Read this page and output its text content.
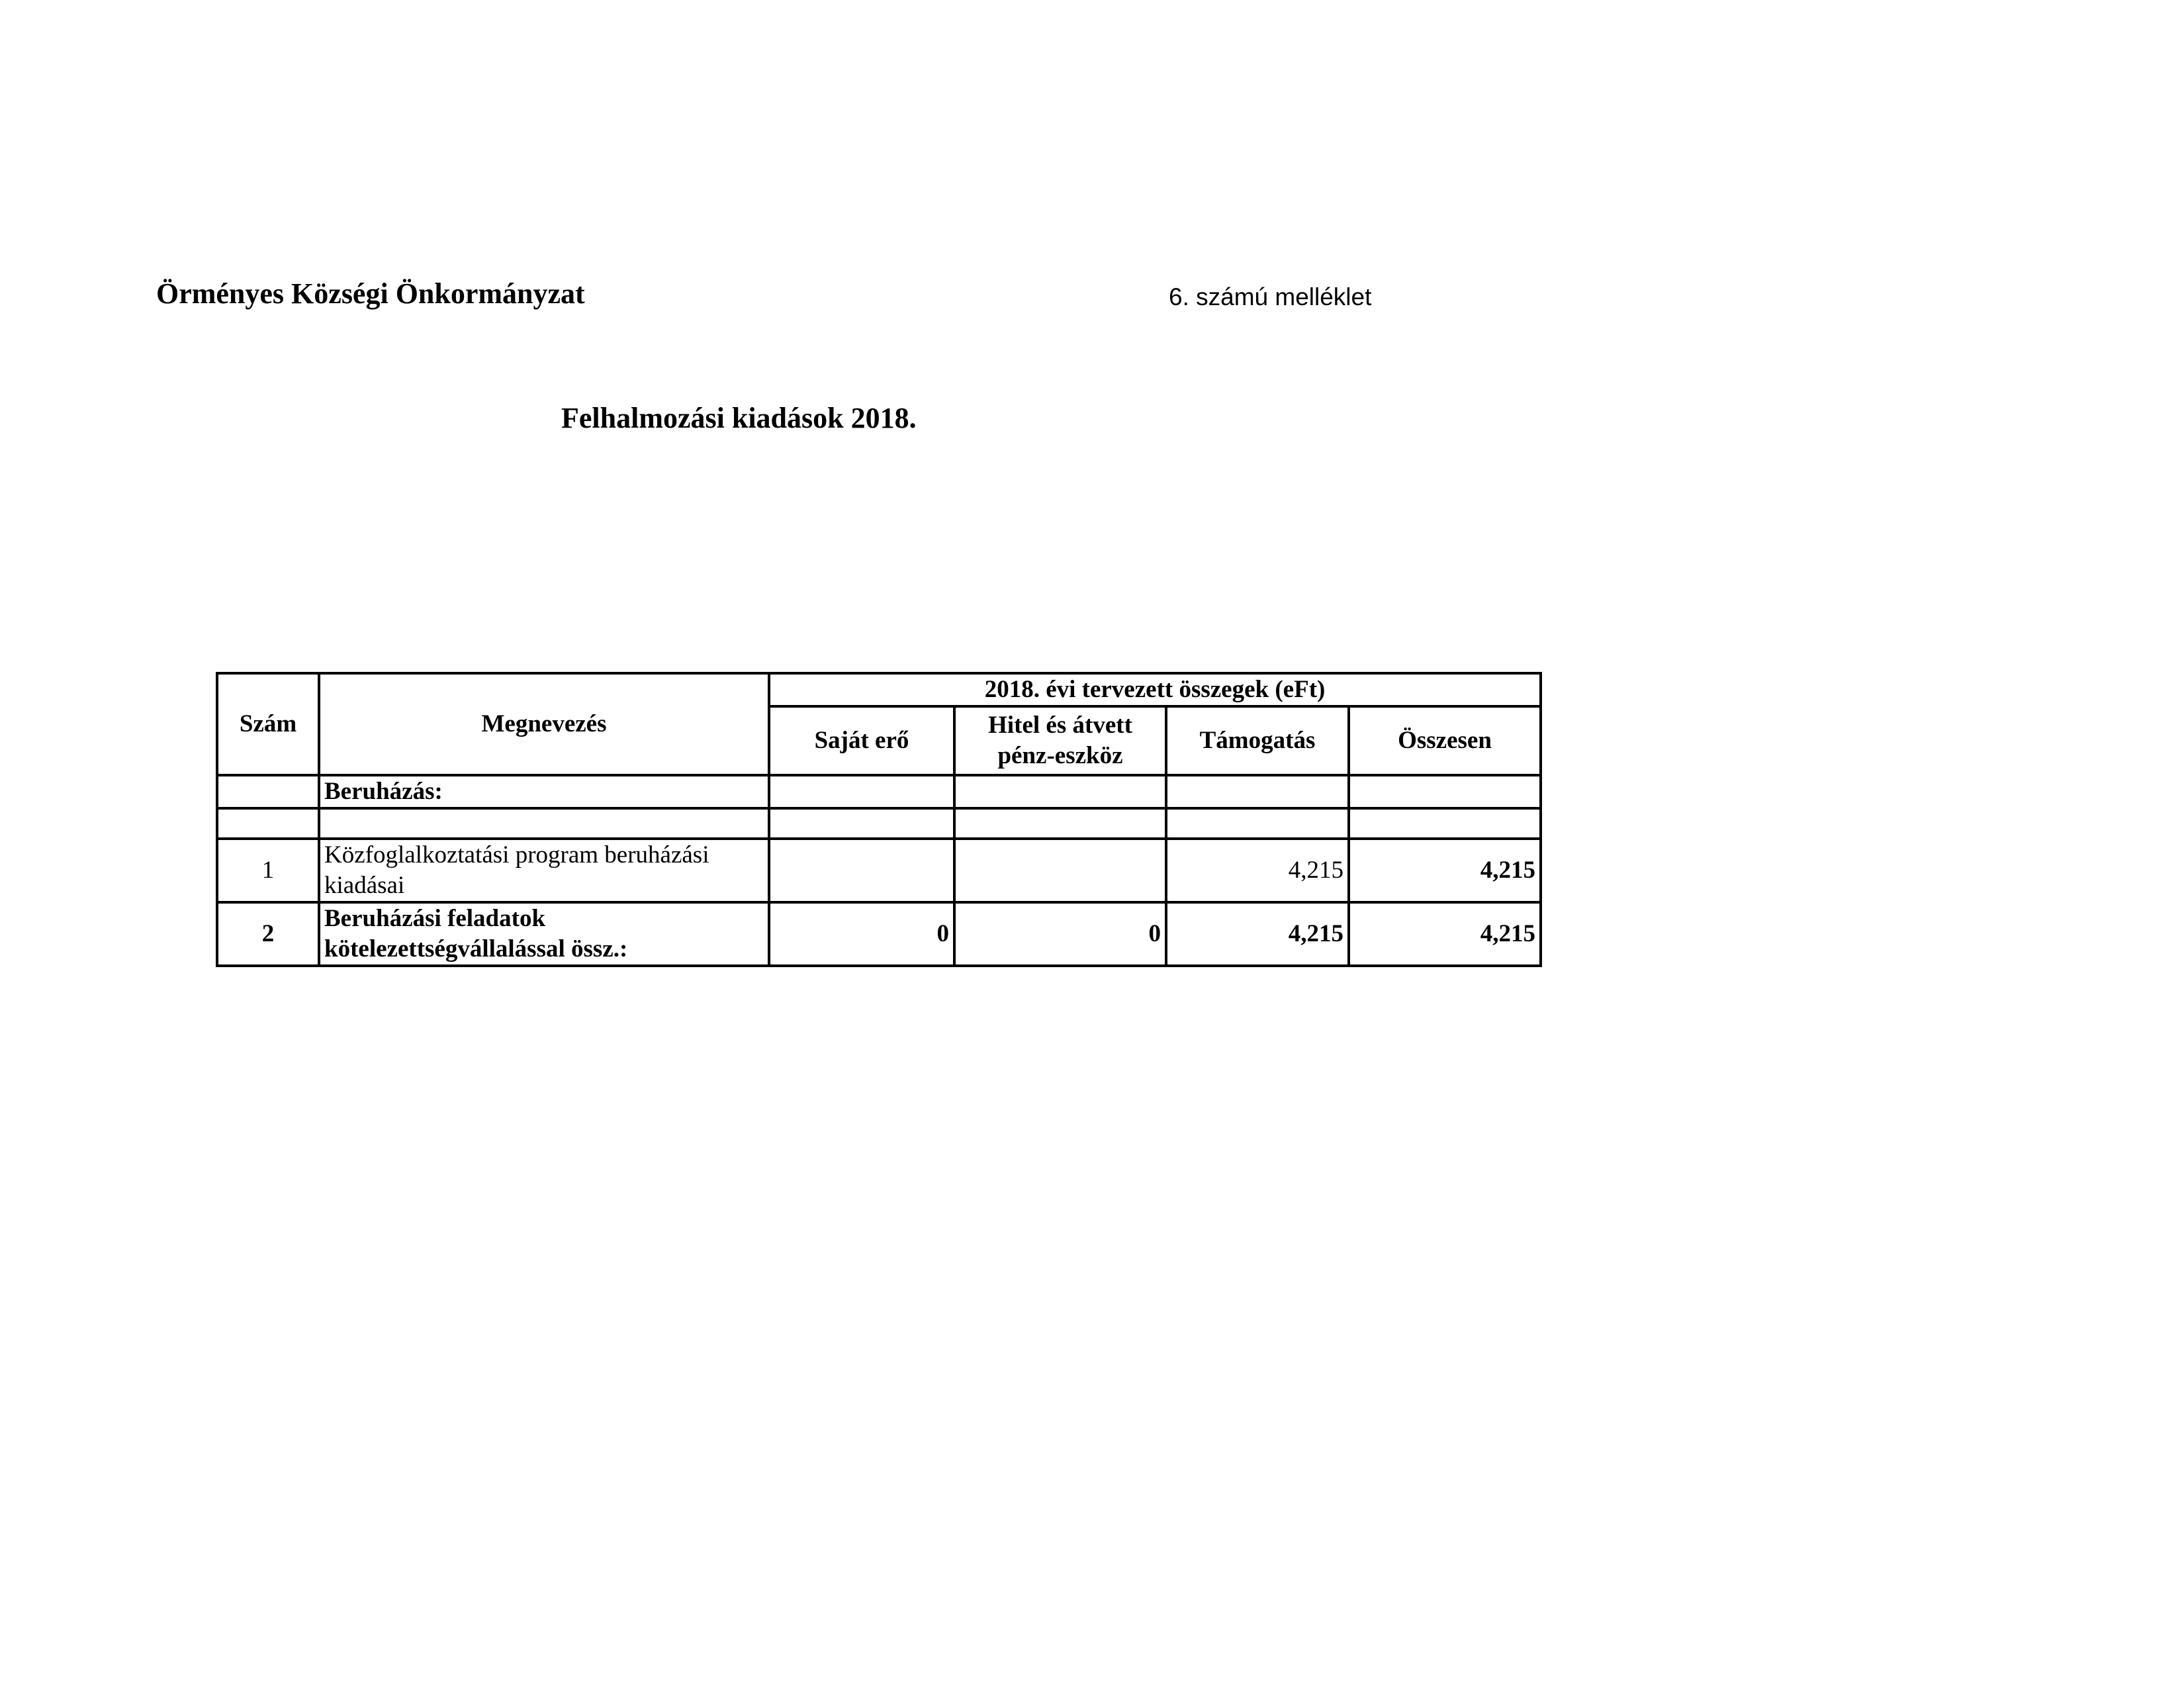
Örményes Községi Önkormányzat	6. számú melléklet
Felhalmozási kiadások 2018.
Szám	Megnevezés	2018. évi tervezett összegek (eFt)			
		Saját erő	Hitel és átvett pénz-eszköz	Támogatás	Összesen
	Beruházás:				

1	Közfoglalkoztatási program beruházási kiadásai			4,215	4,215
2	Beruházási feladatok kötelezettségvállalással össz.:	0	0	4,215	4,215
